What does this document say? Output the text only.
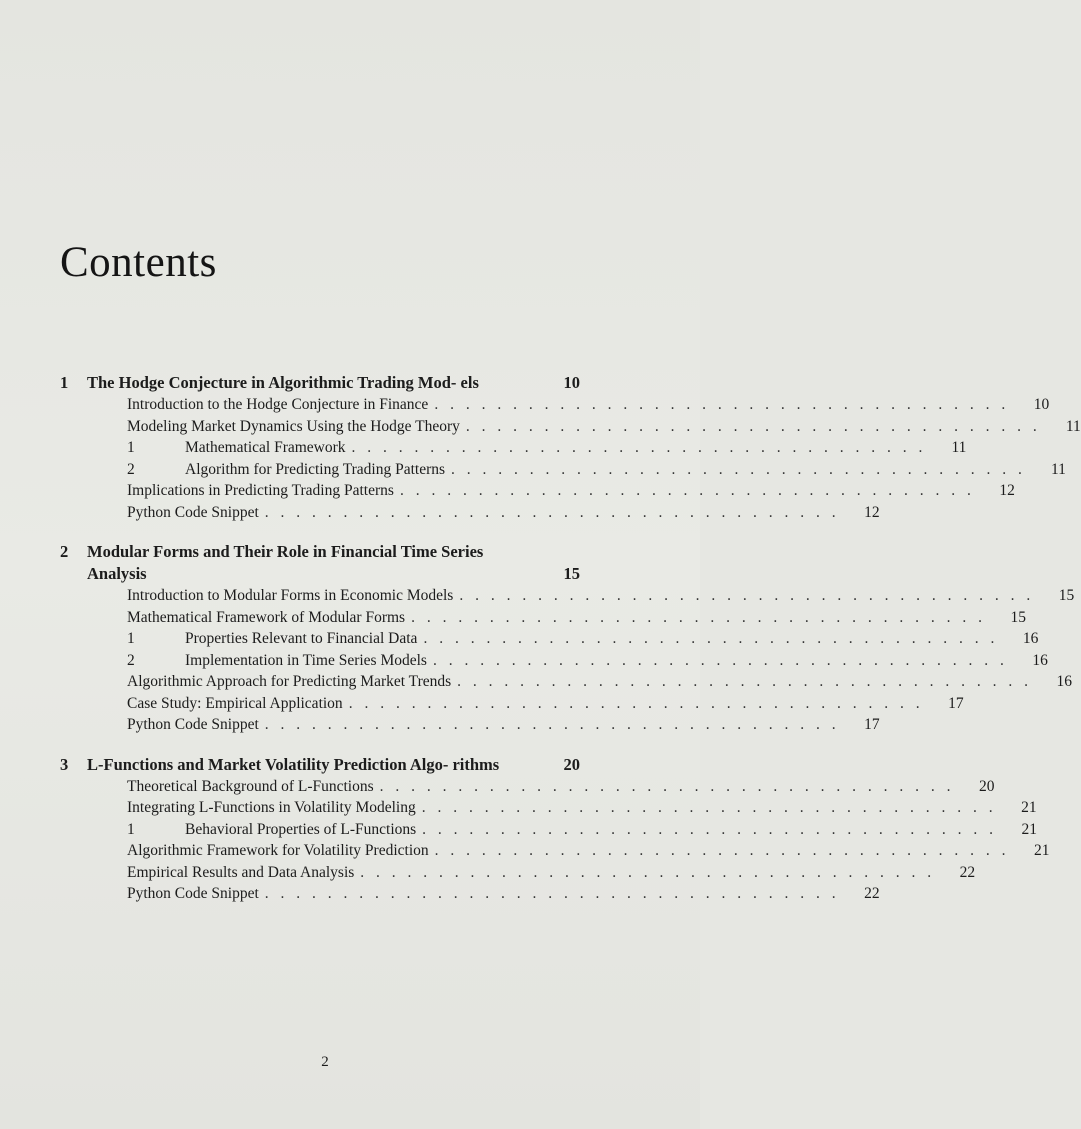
Contents
1	The Hodge Conjecture in Algorithmic Trading Mod- els	10
Introduction to the Hodge Conjecture in Finance . . . . . . . . . . . . . . . . . . . . . . . . . . . . . . . . . . . . .	10
Modeling Market Dynamics Using the Hodge Theory . . . . . . . . . . . . . . . . . . . . . . . . . . . . . . . . . . . . .	11
1	Mathematical Framework . . . . . . . . . . . . . . . . . . . . . . . . . . . . . . . . . . . . .	11
2	Algorithm for Predicting Trading Patterns . . . . . . . . . . . . . . . . . . . . . . . . . . . . . . . . . . . . .	11
Implications in Predicting Trading Patterns . . . . . . . . . . . . . . . . . . . . . . . . . . . . . . . . . . . . .	12
Python Code Snippet . . . . . . . . . . . . . . . . . . . . . . . . . . . . . . . . . . . . .	12
2	Modular Forms and Their Role in Financial Time Series Analysis	15
Introduction to Modular Forms in Economic Models . . . . . . . . . . . . . . . . . . . . . . . . . . . . . . . . . . . . .	15
Mathematical Framework of Modular Forms . . . . . . . . . . . . . . . . . . . . . . . . . . . . . . . . . . . . .	15
1	Properties Relevant to Financial Data . . . . . . . . . . . . . . . . . . . . . . . . . . . . . . . . . . . . .	16
2	Implementation in Time Series Models . . . . . . . . . . . . . . . . . . . . . . . . . . . . . . . . . . . . .	16
Algorithmic Approach for Predicting Market Trends . . . . . . . . . . . . . . . . . . . . . . . . . . . . . . . . . . . . .	16
Case Study: Empirical Application . . . . . . . . . . . . . . . . . . . . . . . . . . . . . . . . . . . . .	17
Python Code Snippet . . . . . . . . . . . . . . . . . . . . . . . . . . . . . . . . . . . . .	17
3	L-Functions and Market Volatility Prediction Algo- rithms	20
Theoretical Background of L-Functions . . . . . . . . . . . . . . . . . . . . . . . . . . . . . . . . . . . . .	20
Integrating L-Functions in Volatility Modeling . . . . . . . . . . . . . . . . . . . . . . . . . . . . . . . . . . . . .	21
1	Behavioral Properties of L-Functions . . . . . . . . . . . . . . . . . . . . . . . . . . . . . . . . . . . . .	21
Algorithmic Framework for Volatility Prediction . . . . . . . . . . . . . . . . . . . . . . . . . . . . . . . . . . . . .	21
Empirical Results and Data Analysis . . . . . . . . . . . . . . . . . . . . . . . . . . . . . . . . . . . . .	22
Python Code Snippet . . . . . . . . . . . . . . . . . . . . . . . . . . . . . . . . . . . . .	22
2
